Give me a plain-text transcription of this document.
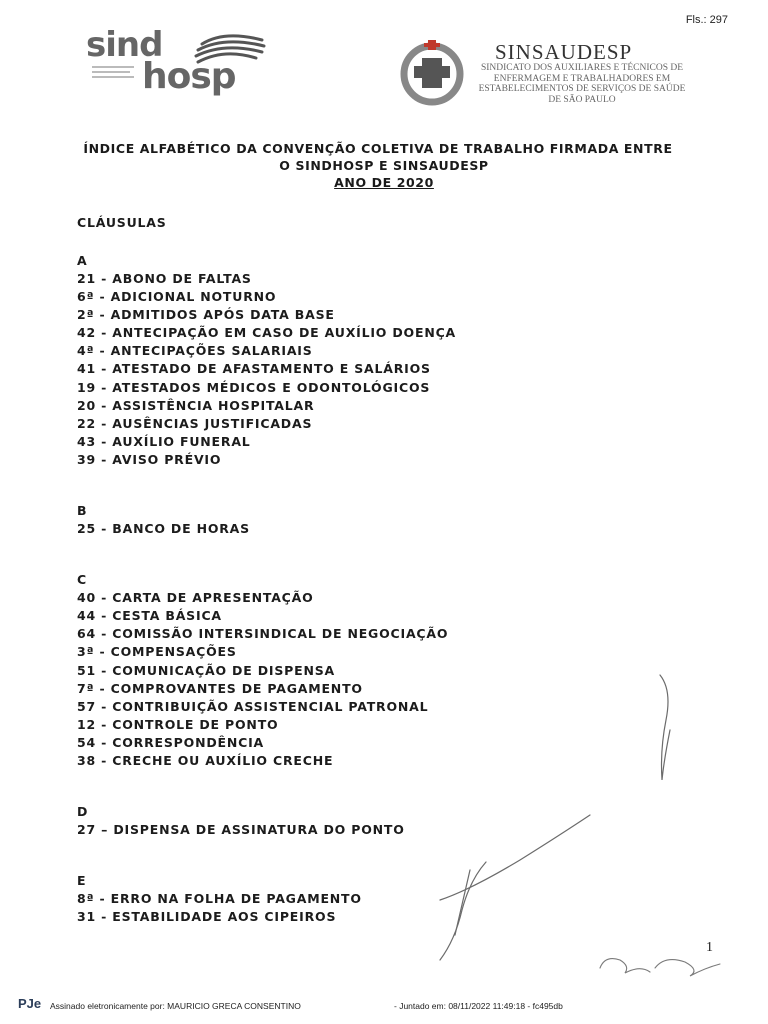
Fls.: 297
sind
hosp
SINSAUDESP
SINDICATO DOS AUXILIARES E TÉCNICOS DE
ENFERMAGEM E TRABALHADORES EM
ESTABELECIMENTOS DE SERVIÇOS DE SAÚDE
DE SÃO PAULO
ÍNDICE ALFABÉTICO DA CONVENÇÃO COLETIVA DE TRABALHO FIRMADA ENTRE
O SINDHOSP E SINSAUDESP
ANO DE 2020
CLÁUSULAS
A
21 - ABONO DE FALTAS
6ª - ADICIONAL NOTURNO
2ª - ADMITIDOS APÓS DATA BASE
42 - ANTECIPAÇÃO EM CASO DE AUXÍLIO DOENÇA
4ª - ANTECIPAÇÕES SALARIAIS
41 - ATESTADO DE AFASTAMENTO E SALÁRIOS
19 - ATESTADOS MÉDICOS E ODONTOLÓGICOS
20 - ASSISTÊNCIA HOSPITALAR
22 - AUSÊNCIAS JUSTIFICADAS
43 - AUXÍLIO FUNERAL
39 - AVISO PRÉVIO
B
25 - BANCO DE HORAS
C
40 - CARTA DE APRESENTAÇÃO
44 - CESTA BÁSICA
64 - COMISSÃO INTERSINDICAL DE NEGOCIAÇÃO
3ª - COMPENSAÇÕES
51 - COMUNICAÇÃO DE DISPENSA
7ª - COMPROVANTES DE PAGAMENTO
57 - CONTRIBUIÇÃO ASSISTENCIAL PATRONAL
12 - CONTROLE DE PONTO
54 - CORRESPONDÊNCIA
38 - CRECHE OU AUXÍLIO CRECHE
D
27 – DISPENSA DE ASSINATURA DO PONTO
E
8ª - ERRO NA FOLHA DE PAGAMENTO
31 - ESTABILIDADE AOS CIPEIROS
1
PJe Assinado eletronicamente por: MAURICIO GRECA CONSENTINO	- Juntado em: 08/11/2022 11:49:18 - fc495db
